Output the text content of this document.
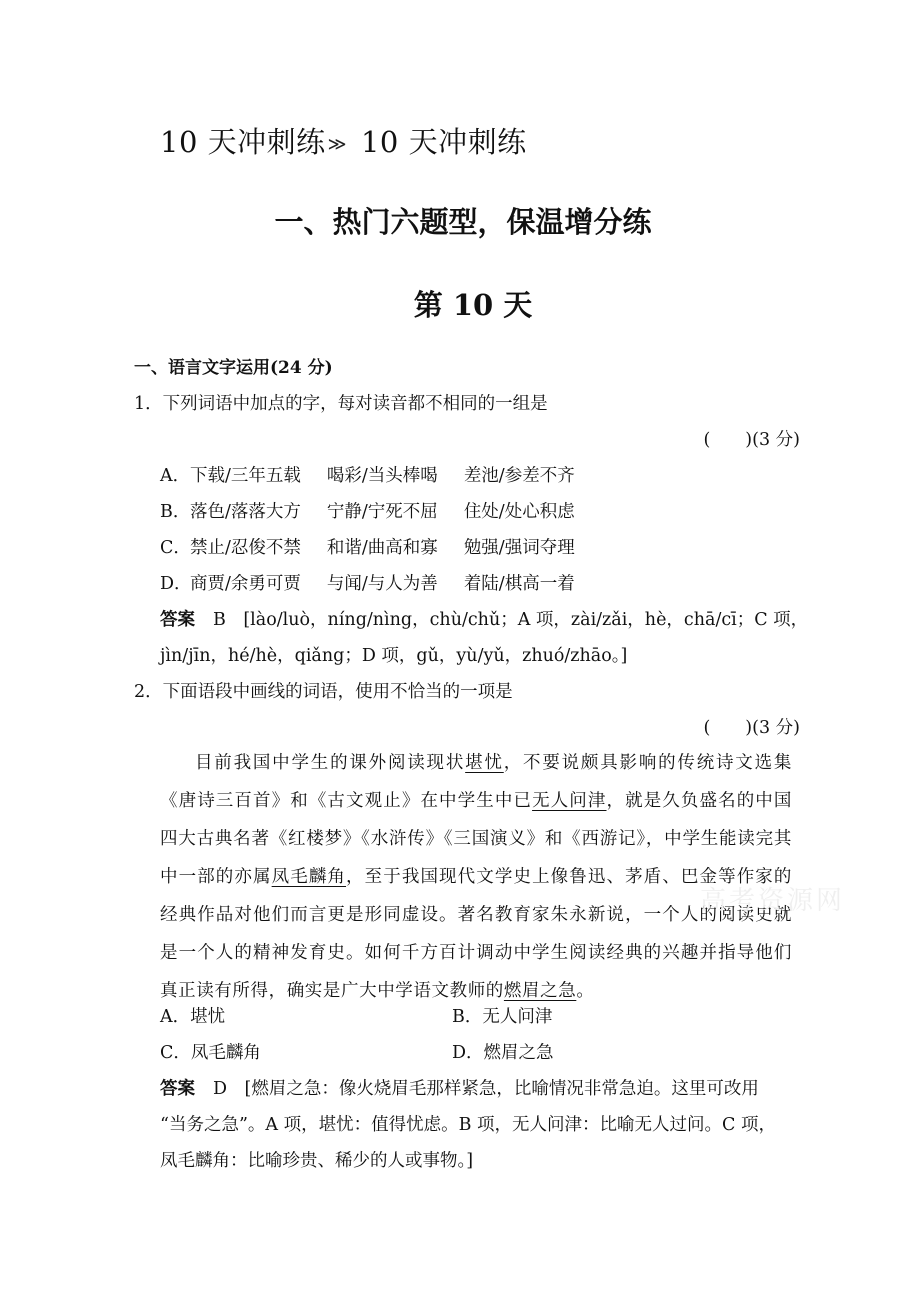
10 天冲刺练 ≫ 10 天冲刺练
一、热门六题型，保温增分练
第 10 天
一、语言文字运用(24 分)
1．下列词语中加点的字，每对读音都不相同的一组是
(　　)(3 分)
A．下载/三年五载 喝彩/当头棒喝 差池/参差不齐
B．落色/落落大方 宁静/宁死不屈 住处/处心积虑
C．禁止/忍俊不禁 和谐/曲高和寡 勉强/强词夺理
D．商贾/余勇可贾 与闻/与人为善 着陆/棋高一着
答案 B　[lào/luò，níng/nìng，chù/chǔ；A 项，zài/zǎi，hè，chā/cī；C 项，
jìn/jīn，hé/hè，qiǎng；D 项，gǔ，yù/yǔ，zhuó/zhāo。]
2．下面语段中画线的词语，使用不恰当的一项是
(　　)(3 分)
目前我国中学生的课外阅读现状堪忧，不要说颇具影响的传统诗文选集《唐诗三百首》和《古文观止》在中学生中已无人问津，就是久负盛名的中国四大古典名著《红楼梦》《水浒传》《三国演义》和《西游记》，中学生能读完其中一部的亦属凤毛麟角，至于我国现代文学史上像鲁迅、茅盾、巴金等作家的经典作品对他们而言更是形同虚设。著名教育家朱永新说，一个人的阅读史就是一个人的精神发育史。如何千方百计调动中学生阅读经典的兴趣并指导他们真正读有所得，确实是广大中学语文教师的燃眉之急。
A．堪忧	B．无人问津
C．凤毛麟角	D．燃眉之急
答案 D　[燃眉之急：像火烧眉毛那样紧急，比喻情况非常急迫。这里可改用
“当务之急”。A 项，堪忧：值得忧虑。B 项，无人问津：比喻无人过问。C 项，
凤毛麟角：比喻珍贵、稀少的人或事物。]
高考资源网
